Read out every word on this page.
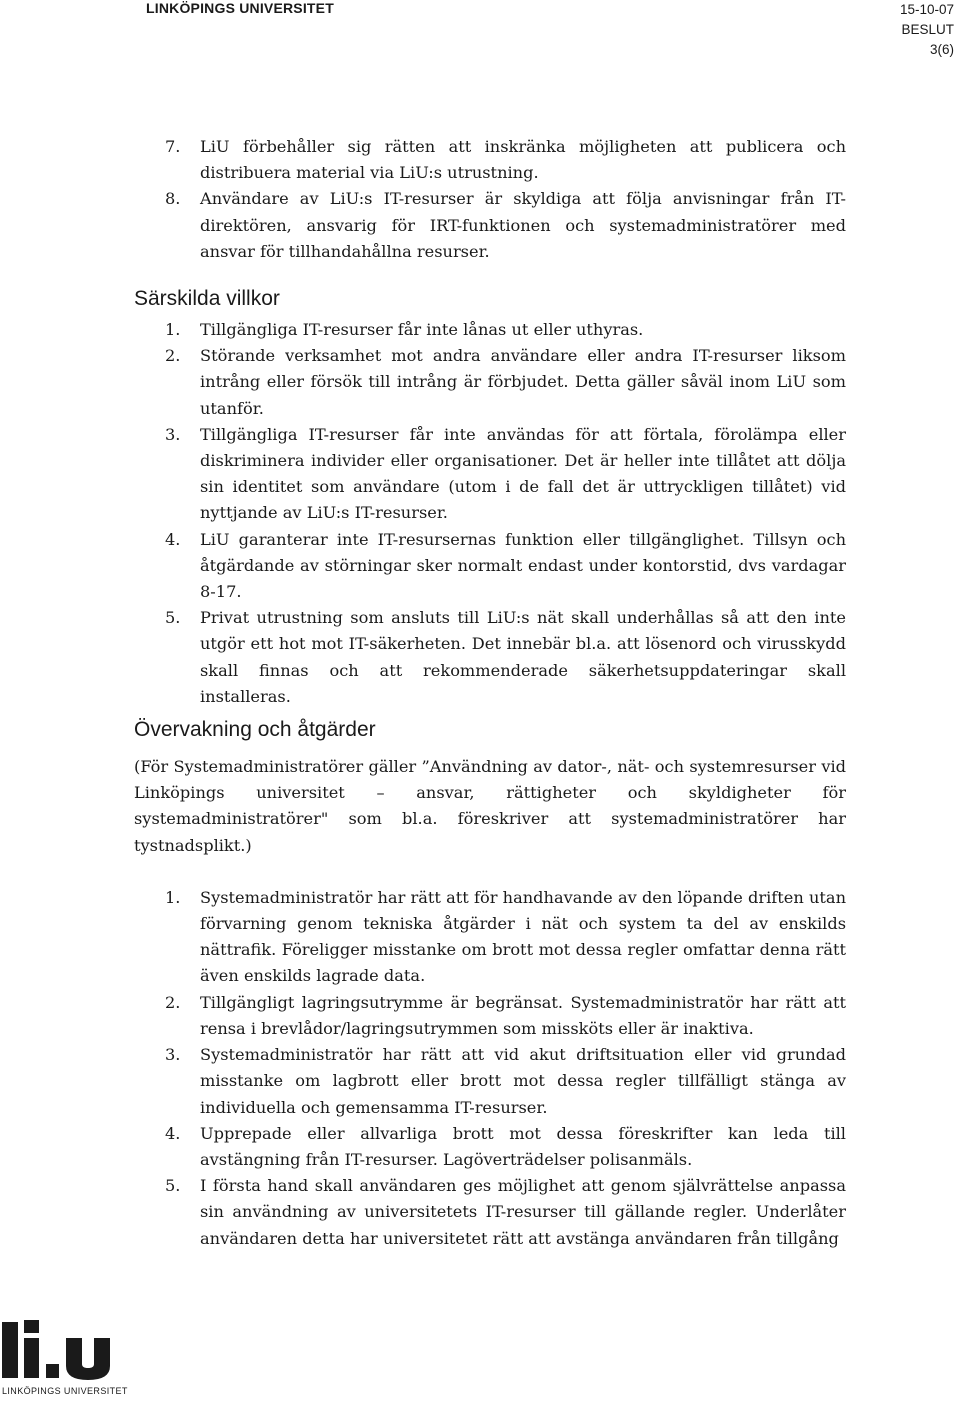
LINKÖPINGS UNIVERSITET	15-10-07
BESLUT
3(6)
7. LiU förbehåller sig rätten att inskränka möjligheten att publicera och distribuera material via LiU:s utrustning.
8. Användare av LiU:s IT-resurser är skyldiga att följa anvisningar från IT-direktören, ansvarig för IRT-funktionen och systemadministratörer med ansvar för tillhandahållna resurser.
Särskilda villkor
1. Tillgängliga IT-resurser får inte lånas ut eller uthyras.
2. Störande verksamhet mot andra användare eller andra IT-resurser liksom intrång eller försök till intrång är förbjudet. Detta gäller såväl inom LiU som utanför.
3. Tillgängliga IT-resurser får inte användas för att förtala, förolämpa eller diskriminera individer eller organisationer. Det är heller inte tillåtet att dölja sin identitet som användare (utom i de fall det är uttryckligen tillåtet) vid nyttjande av LiU:s IT-resurser.
4. LiU garanterar inte IT-resursernas funktion eller tillgänglighet. Tillsyn och åtgärdande av störningar sker normalt endast under kontorstid, dvs vardagar 8-17.
5. Privat utrustning som ansluts till LiU:s nät skall underhållas så att den inte utgör ett hot mot IT-säkerheten. Det innebär bl.a. att lösenord och virusskydd skall finnas och att rekommenderade säkerhetsuppdateringar skall installeras.
Övervakning och åtgärder

(För Systemadministratörer gäller ”Användning av dator-, nät- och systemresurser vid Linköpings universitet – ansvar, rättigheter och skyldigheter för systemadministratörer" som bl.a. föreskriver att systemadministratörer har tystnadsplikt.)

1. Systemadministratör har rätt att för handhavande av den löpande driften utan förvarning genom tekniska åtgärder i nät och system ta del av enskilds nättrafik. Föreligger misstanke om brott mot dessa regler omfattar denna rätt även enskilds lagrade data.
2. Tillgängligt lagringsutrymme är begränsat. Systemadministratör har rätt att rensa i brevlådor/lagringsutrymmen som missköts eller är inaktiva.
3. Systemadministratör har rätt att vid akut driftsituation eller vid grundad misstanke om lagbrott eller brott mot dessa regler tillfälligt stänga av individuella och gemensamma IT-resurser.
4. Upprepade eller allvarliga brott mot dessa föreskrifter kan leda till avstängning från IT-resurser. Lagöverträdelser polisanmäls.
5. I första hand skall användaren ges möjlighet att genom självrättelse anpassa sin användning av universitetets IT-resurser till gällande regler. Underlåter användaren detta har universitetet rätt att avstänga användaren från tillgång
LINKÖPINGS UNIVERSITET
